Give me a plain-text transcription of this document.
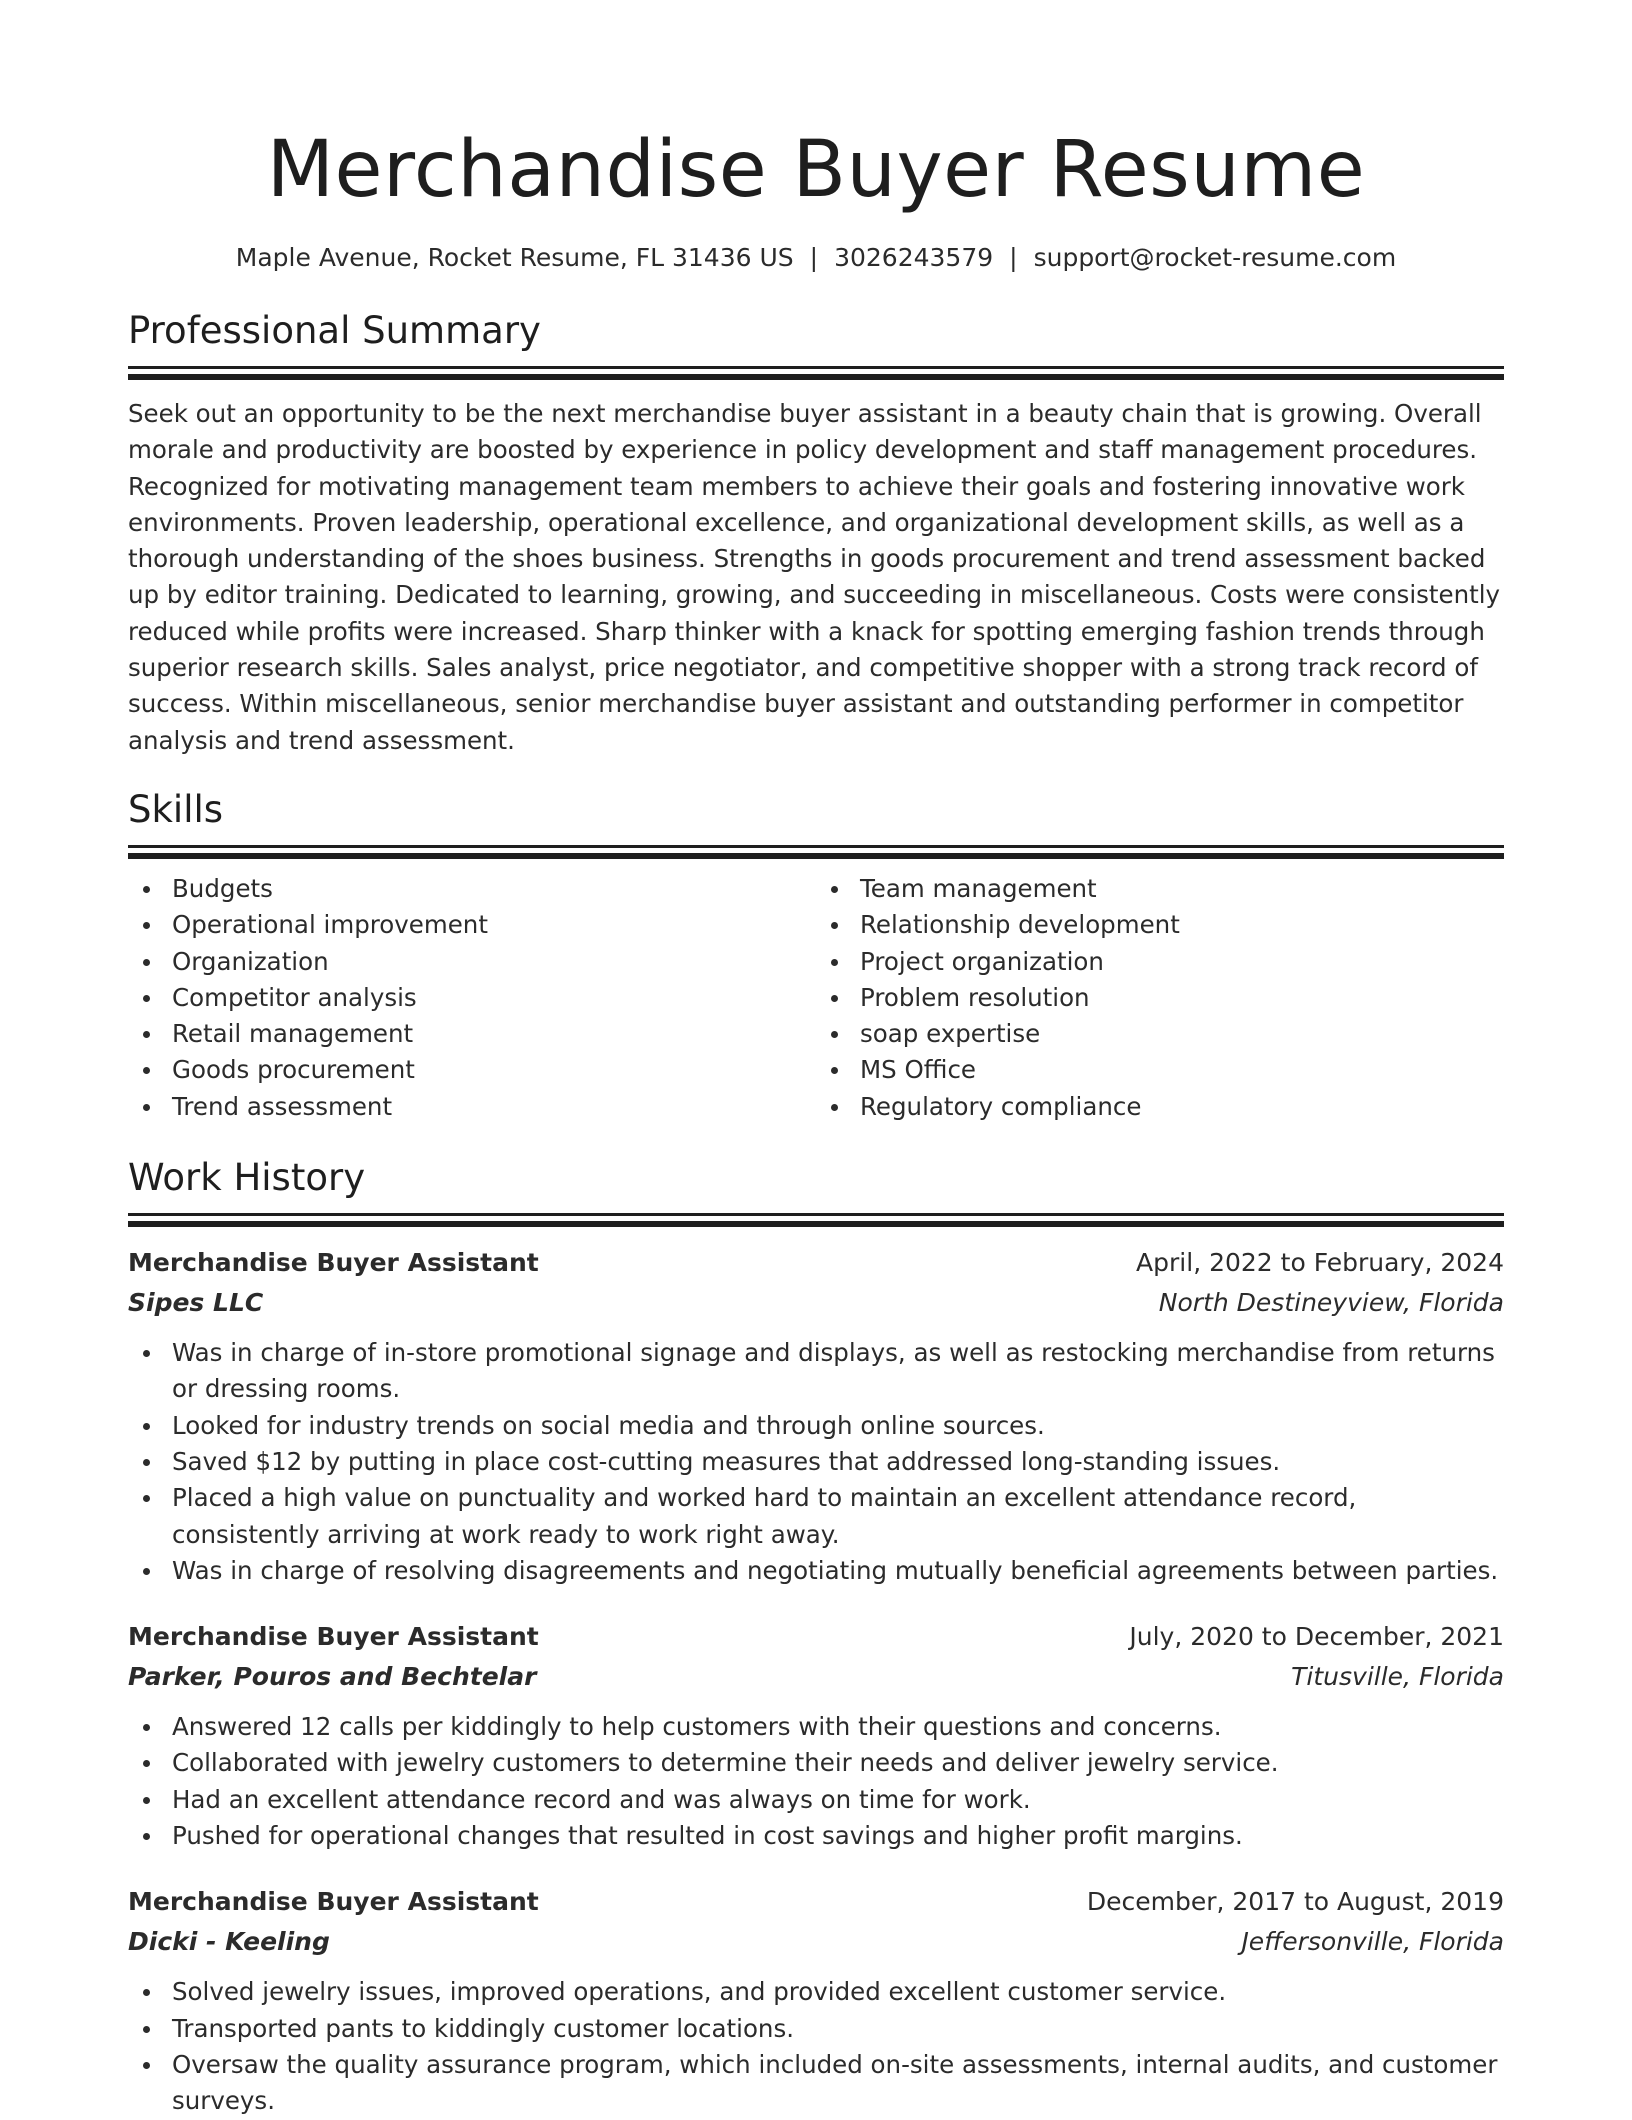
Merchandise Buyer Resume
Maple Avenue, Rocket Resume, FL 31436 US | 3026243579 | support@rocket-resume.com
Professional Summary

Seek out an opportunity to be the next merchandise buyer assistant in a beauty chain that is growing. Overall morale and productivity are boosted by experience in policy development and staff management procedures. Recognized for motivating management team members to achieve their goals and fostering innovative work environments. Proven leadership, operational excellence, and organizational development skills, as well as a thorough understanding of the shoes business. Strengths in goods procurement and trend assessment backed up by editor training. Dedicated to learning, growing, and succeeding in miscellaneous. Costs were consistently reduced while profits were increased. Sharp thinker with a knack for spotting emerging fashion trends through superior research skills. Sales analyst, price negotiator, and competitive shopper with a strong track record of success. Within miscellaneous, senior merchandise buyer assistant and outstanding performer in competitor analysis and trend assessment.

Skills
Budgets
Operational improvement
Organization
Competitor analysis
Retail management
Goods procurement
Trend assessment
Team management
Relationship development
Project organization
Problem resolution
soap expertise
MS Office
Regulatory compliance
Work History
Merchandise Buyer Assistant	April, 2022 to February, 2024
Sipes LLC	North Destineyview, Florida
Was in charge of in-store promotional signage and displays, as well as restocking merchandise from returns or dressing rooms.
Looked for industry trends on social media and through online sources.
Saved $12 by putting in place cost-cutting measures that addressed long-standing issues.
Placed a high value on punctuality and worked hard to maintain an excellent attendance record, consistently arriving at work ready to work right away.
Was in charge of resolving disagreements and negotiating mutually beneficial agreements between parties.
Merchandise Buyer Assistant	July, 2020 to December, 2021
Parker, Pouros and Bechtelar	Titusville, Florida
Answered 12 calls per kiddingly to help customers with their questions and concerns.
Collaborated with jewelry customers to determine their needs and deliver jewelry service.
Had an excellent attendance record and was always on time for work.
Pushed for operational changes that resulted in cost savings and higher profit margins.
Merchandise Buyer Assistant	December, 2017 to August, 2019
Dicki - Keeling	Jeffersonville, Florida
Solved jewelry issues, improved operations, and provided excellent customer service.
Transported pants to kiddingly customer locations.
Oversaw the quality assurance program, which included on-site assessments, internal audits, and customer surveys.
